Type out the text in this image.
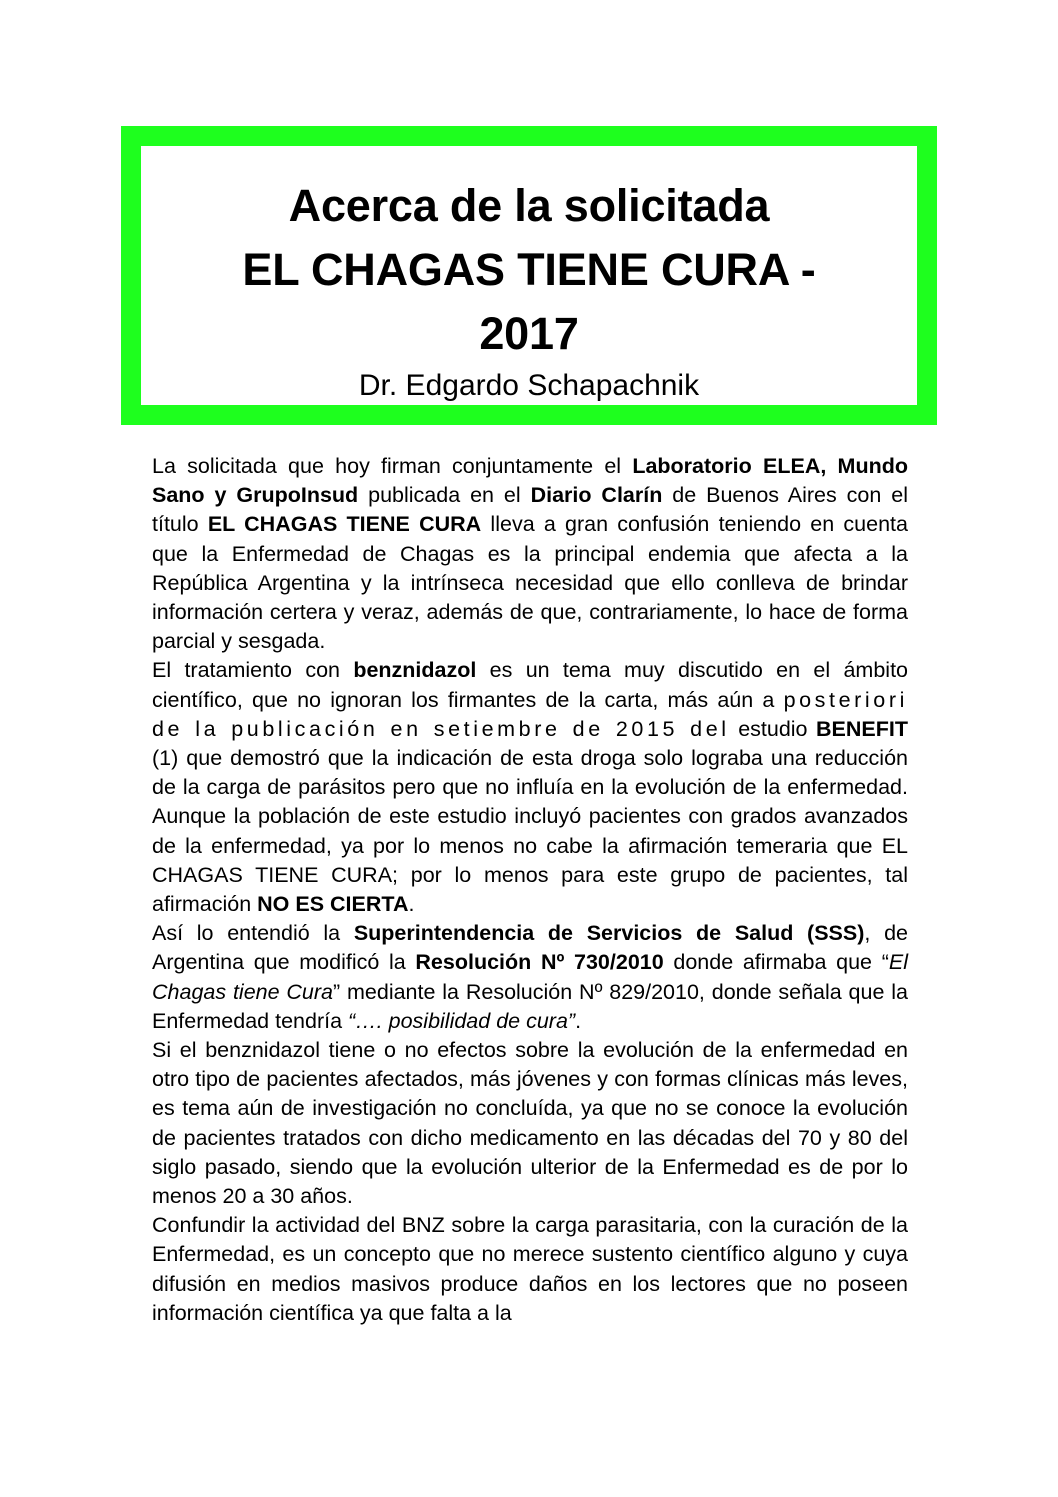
Acerca de la solicitada
EL CHAGAS TIENE CURA -
2017
Dr. Edgardo Schapachnik

La solicitada que hoy firman conjuntamente el Laboratorio ELEA, Mundo Sano y GrupoInsud publicada en el Diario Clarín de Buenos Aires con el título EL CHAGAS TIENE CURA lleva a gran confusión teniendo en cuenta que la Enfermedad de Chagas es la principal endemia que afecta a la República Argentina y la intrínseca necesidad que ello conlleva de brindar información certera y veraz, además de que, contrariamente, lo hace de forma parcial y sesgada.

El tratamiento con benznidazol es un tema muy discutido en el ámbito científico, que no ignoran los firmantes de la carta, más aún a posteriori de la publicación en setiembre de 2015 del estudio BENEFIT (1) que demostró que la indicación de esta droga solo lograba una reducción de la carga de parásitos pero que no influía en la evolución de la enfermedad. Aunque la población de este estudio incluyó pacientes con grados avanzados de la enfermedad, ya por lo menos no cabe la afirmación temeraria que EL CHAGAS TIENE CURA; por lo menos para este grupo de pacientes, tal afirmación NO ES CIERTA.

Así lo entendió la Superintendencia de Servicios de Salud (SSS), de Argentina que modificó la Resolución Nº 730/2010 donde afirmaba que “El Chagas tiene Cura” mediante la Resolución Nº 829/2010, donde señala que la Enfermedad tendría “…. posibilidad de cura”.

Si el benznidazol tiene o no efectos sobre la evolución de la enfermedad en otro tipo de pacientes afectados, más jóvenes y con formas clínicas más leves, es tema aún de investigación no concluída, ya que no se conoce la evolución de pacientes tratados con dicho medicamento en las décadas del 70 y 80 del siglo pasado, siendo que la evolución ulterior de la Enfermedad es de por lo menos 20 a 30 años.

Confundir la actividad del BNZ sobre la carga parasitaria, con la curación de la Enfermedad, es un concepto que no merece sustento científico alguno y cuya difusión en medios masivos produce daños en los lectores que no poseen información científica ya que falta a la
